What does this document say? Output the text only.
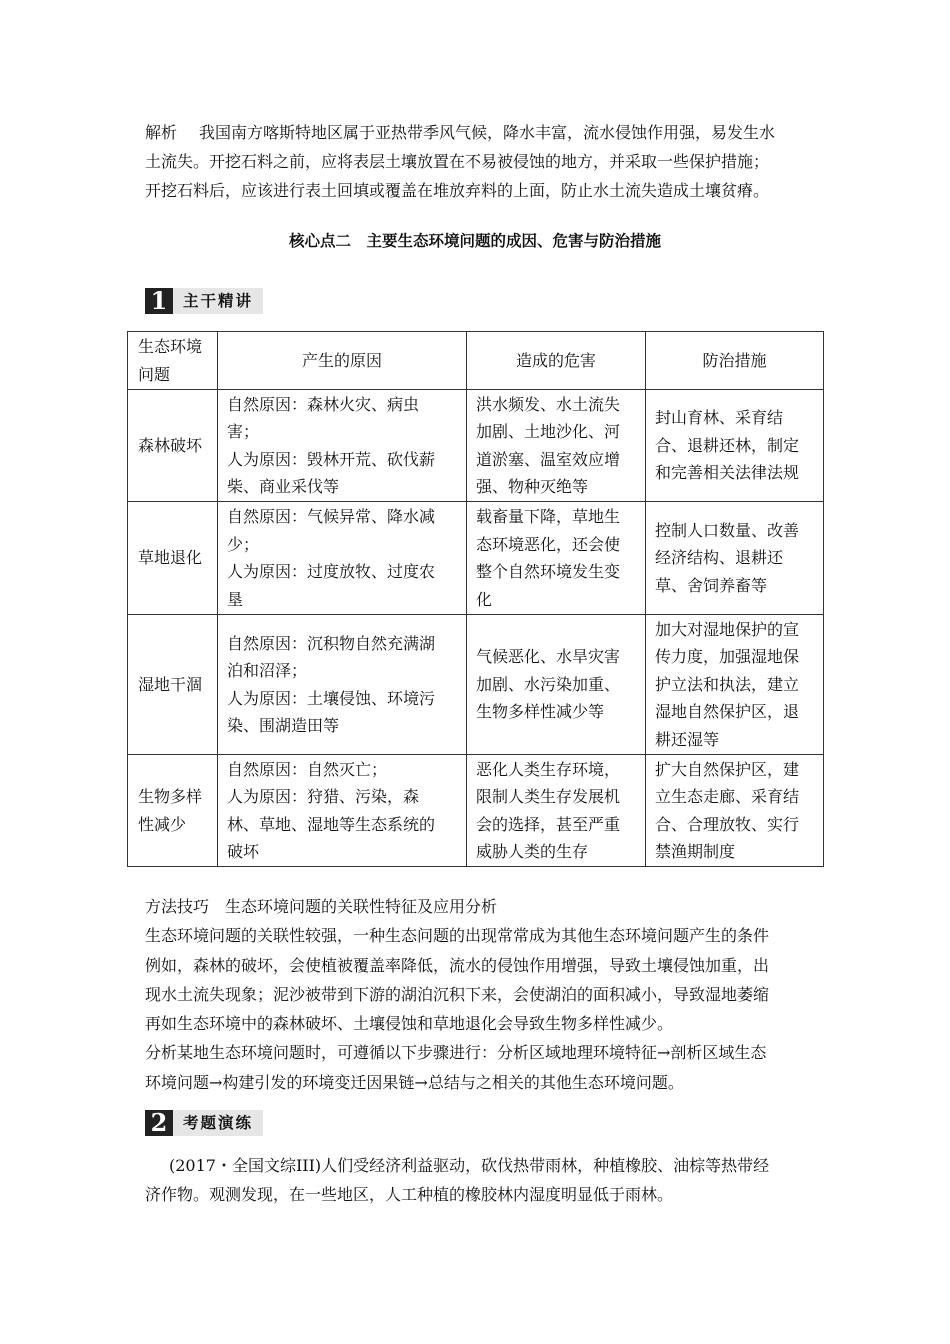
解析 我国南方喀斯特地区属于亚热带季风气候，降水丰富，流水侵蚀作用强，易发生水

土流失。开挖石料之前，应将表层土壤放置在不易被侵蚀的地方，并采取一些保护措施；

开挖石料后，应该进行表土回填或覆盖在堆放弃料的上面，防止水土流失造成土壤贫瘠。

核心点二　主要生态环境问题的成因、危害与防治措施
1	主干精讲
生态环境
问题	产生的原因	造成的危害	防治措施

森林破坏	自然原因：森林火灾、病虫
害；
人为原因：毁林开荒、砍伐薪
柴、商业采伐等	洪水频发、水土流失
加剧、土地沙化、河
道淤塞、温室效应增
强、物种灭绝等	封山育林、采育结
合、退耕还林，制定
和完善相关法律法规

草地退化	自然原因：气候异常、降水减
少；
人为原因：过度放牧、过度农
垦	载畜量下降，草地生
态环境恶化，还会使
整个自然环境发生变
化	控制人口数量、改善
经济结构、退耕还
草、舍饲养畜等

湿地干涸	自然原因：沉积物自然充满湖
泊和沼泽；
人为原因：土壤侵蚀、环境污
染、围湖造田等	气候恶化、水旱灾害
加剧、水污染加重、
生物多样性减少等	加大对湿地保护的宣
传力度，加强湿地保
护立法和执法，建立
湿地自然保护区，退
耕还湿等

生物多样
性减少	自然原因：自然灭亡；
人为原因：狩猎、污染，森
林、草地、湿地等生态系统的
破坏	恶化人类生存环境，
限制人类生存发展机
会的选择，甚至严重
威胁人类的生存	扩大自然保护区，建
立生态走廊、采育结
合、合理放牧、实行
禁渔期制度

方法技巧　生态环境问题的关联性特征及应用分析

生态环境问题的关联性较强，一种生态问题的出现常常成为其他生态环境问题产生的条件

例如，森林的破坏，会使植被覆盖率降低，流水的侵蚀作用增强，导致土壤侵蚀加重，出

现水土流失现象；泥沙被带到下游的湖泊沉积下来，会使湖泊的面积减小，导致湿地萎缩

再如生态环境中的森林破坏、土壤侵蚀和草地退化会导致生物多样性减少。

分析某地生态环境问题时，可遵循以下步骤进行：分析区域地理环境特征→剖析区域生态

环境问题→构建引发的环境变迁因果链→总结与之相关的其他生态环境问题。

2	考题演练

(2017・全国文综III)人们受经济利益驱动，砍伐热带雨林，种植橡胶、油棕等热带经

济作物。观测发现，在一些地区，人工种植的橡胶林内湿度明显低于雨林。
